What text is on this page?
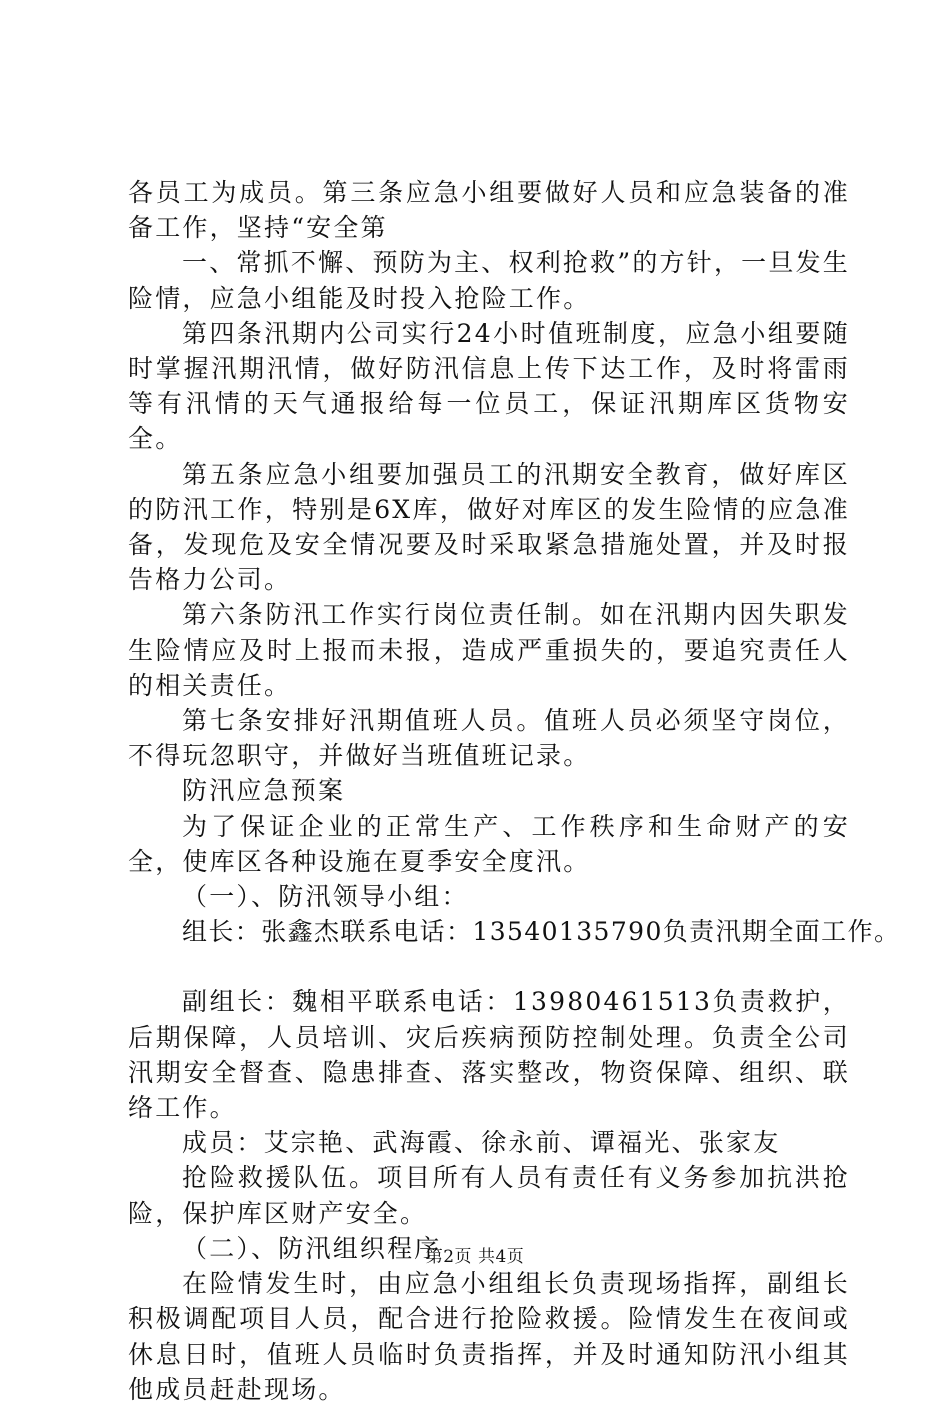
各员工为成员。第三条应急小组要做好人员和应急装备的准备工作，坚持“安全第

一、常抓不懈、预防为主、权利抢救”的方针，一旦发生险情，应急小组能及时投入抢险工作。

第四条汛期内公司实行24小时值班制度，应急小组要随时掌握汛期汛情，做好防汛信息上传下达工作，及时将雷雨等有汛情的天气通报给每一位员工，保证汛期库区货物安全。

第五条应急小组要加强员工的汛期安全教育，做好库区的防汛工作，特别是6X库，做好对库区的发生险情的应急准备，发现危及安全情况要及时采取紧急措施处置，并及时报告格力公司。

第六条防汛工作实行岗位责任制。如在汛期内因失职发生险情应及时上报而未报，造成严重损失的，要追究责任人的相关责任。

第七条安排好汛期值班人员。值班人员必须坚守岗位，不得玩忽职守，并做好当班值班记录。

防汛应急预案

为了保证企业的正常生产、工作秩序和生命财产的安全，使库区各种设施在夏季安全度汛。

（一）、防汛领导小组：

组长：张鑫杰联系电话：13540135790负责汛期全面工作。

副组长：魏相平联系电话：13980461513负责救护，后期保障，人员培训、灾后疾病预防控制处理。负责全公司汛期安全督查、隐患排查、落实整改，物资保障、组织、联络工作。

成员：艾宗艳、武海霞、徐永前、谭福光、张家友

抢险救援队伍。项目所有人员有责任有义务参加抗洪抢险，保护库区财产安全。

（二）、防汛组织程序

在险情发生时，由应急小组组长负责现场指挥，副组长积极调配项目人员，配合进行抢险救援。险情发生在夜间或休息日时，值班人员临时负责指挥，并及时通知防汛小组其他成员赶赴现场。

第2页 共4页
